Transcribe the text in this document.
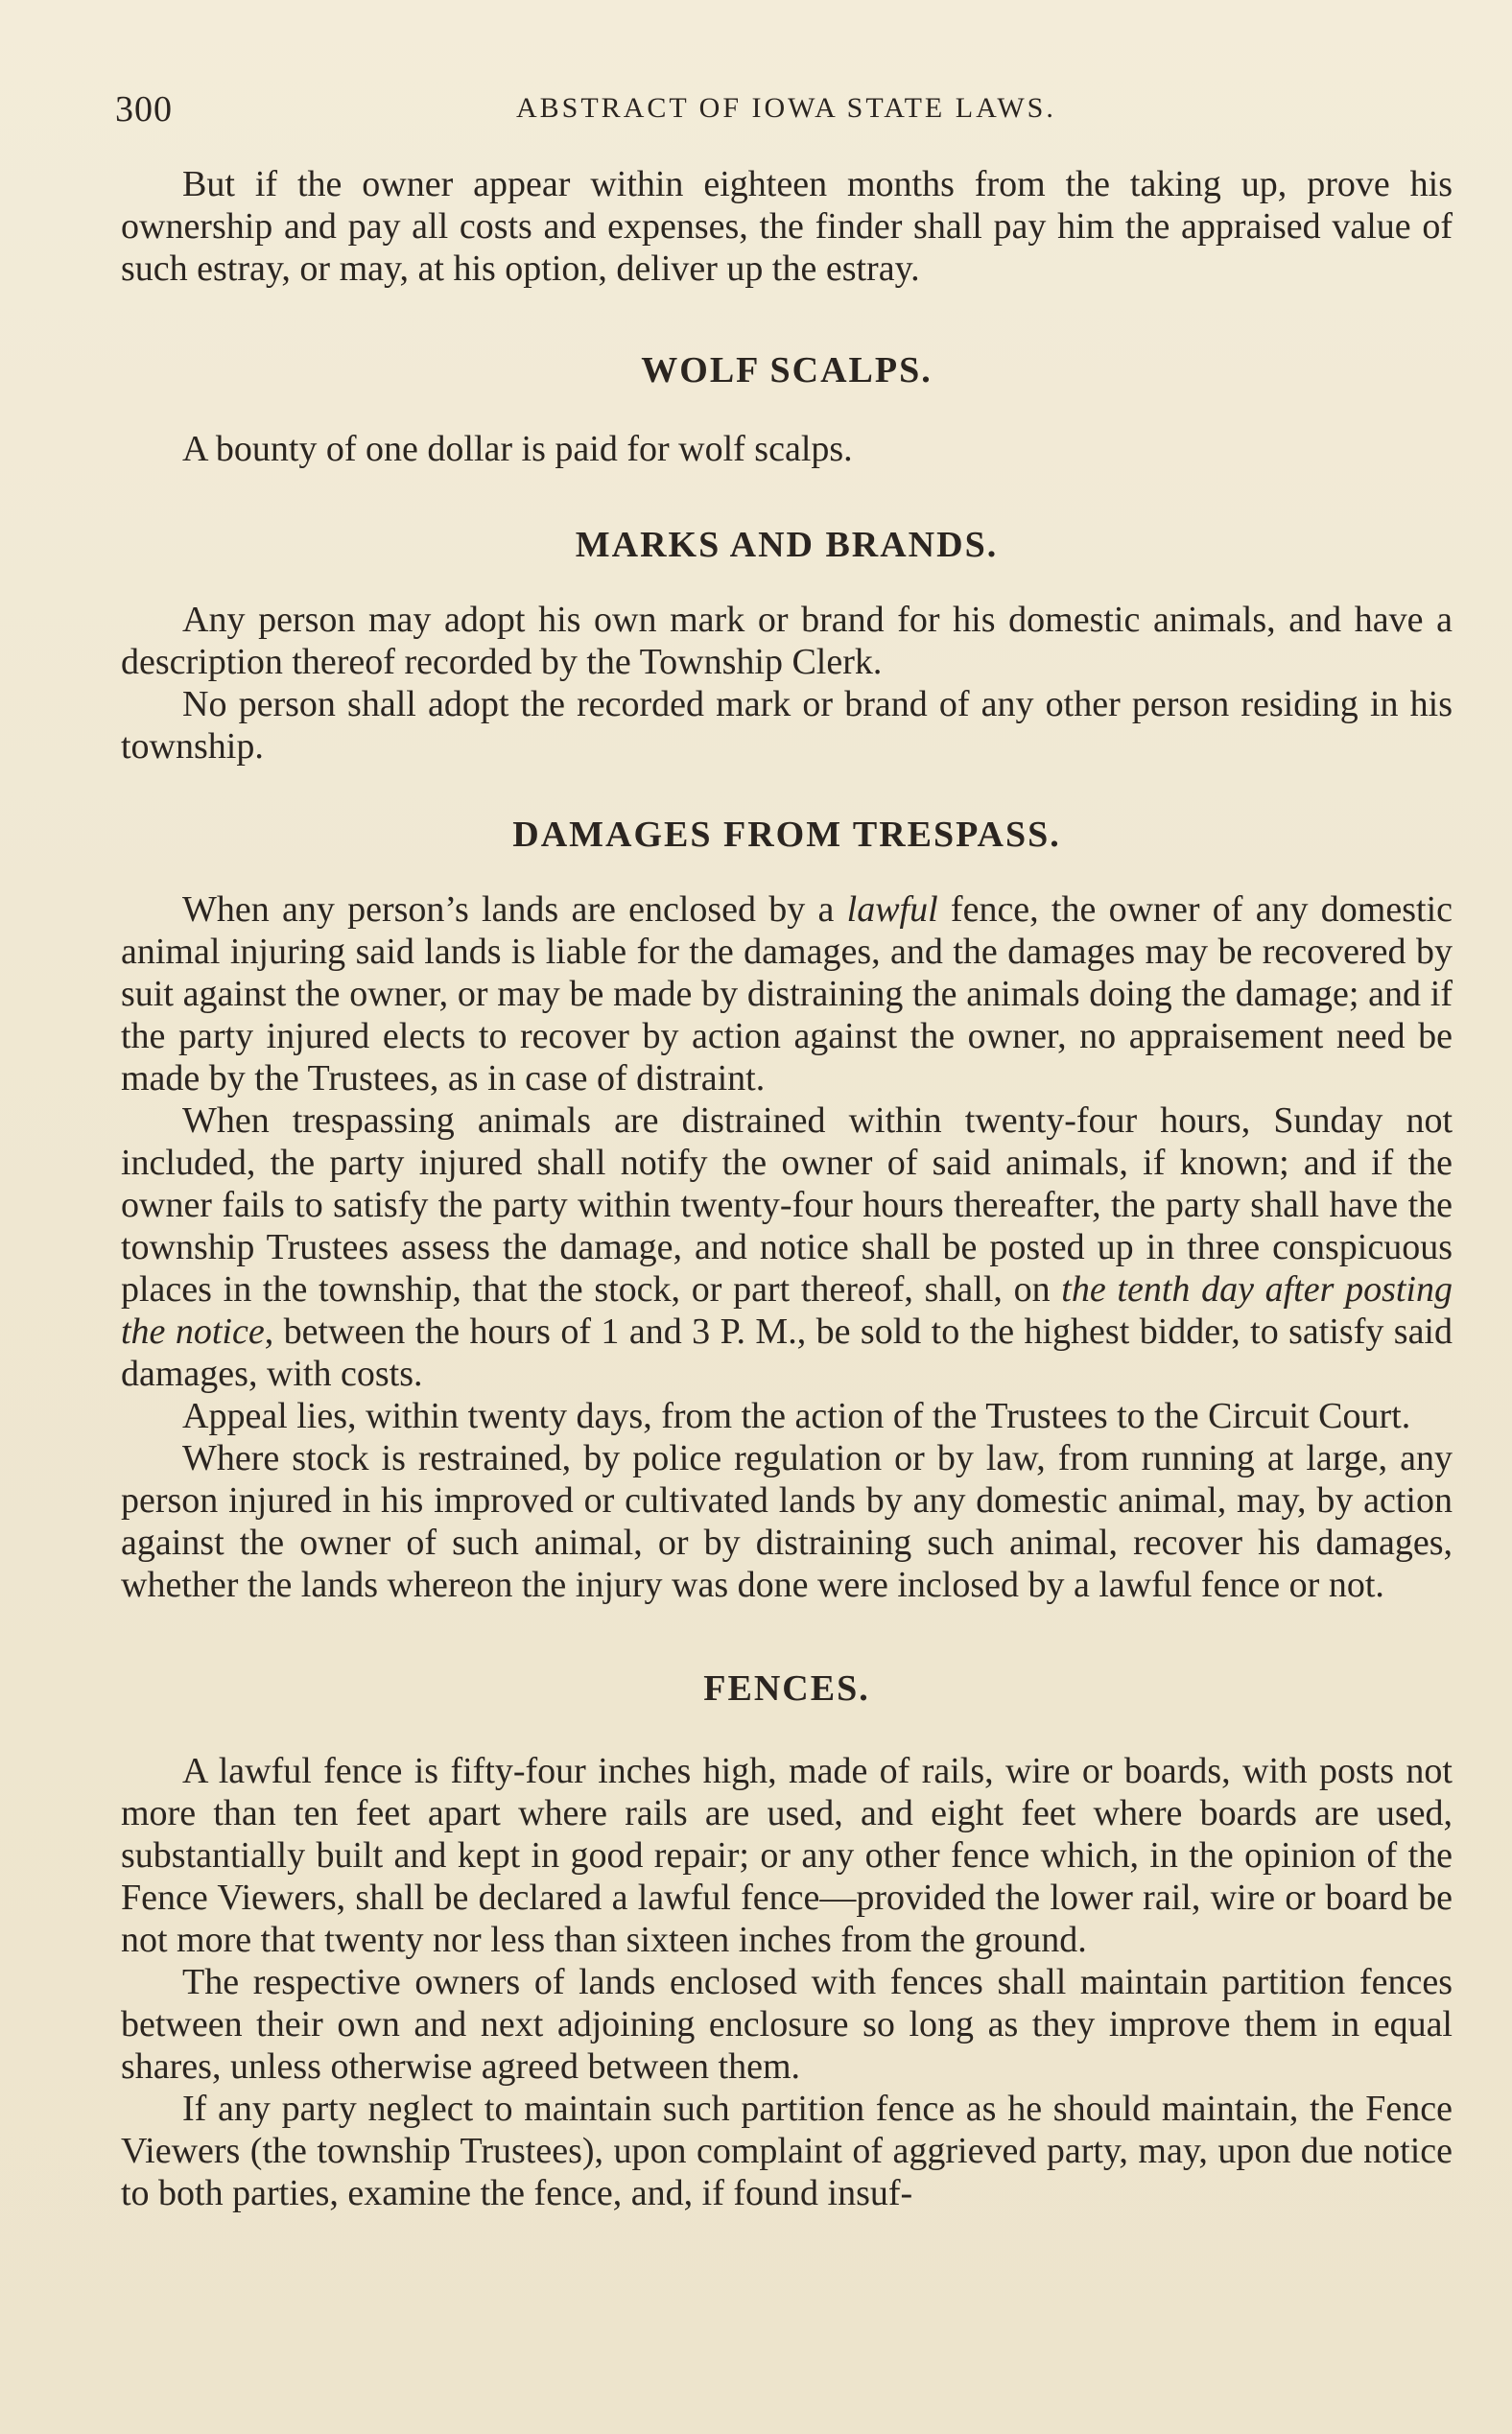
300	ABSTRACT OF IOWA STATE LAWS.

But if the owner appear within eighteen months from the taking up, prove his ownership and pay all costs and expenses, the finder shall pay him the appraised value of such estray, or may, at his option, deliver up the estray.

WOLF SCALPS.

A bounty of one dollar is paid for wolf scalps.

MARKS AND BRANDS.

Any person may adopt his own mark or brand for his domestic animals, and have a description thereof recorded by the Township Clerk.

No person shall adopt the recorded mark or brand of any other person residing in his township.

DAMAGES FROM TRESPASS.

When any person’s lands are enclosed by a lawful fence, the owner of any domestic animal injuring said lands is liable for the damages, and the damages may be recovered by suit against the owner, or may be made by distraining the animals doing the damage; and if the party injured elects to recover by action against the owner, no appraisement need be made by the Trustees, as in case of distraint.

When trespassing animals are distrained within twenty-four hours, Sunday not included, the party injured shall notify the owner of said animals, if known; and if the owner fails to satisfy the party within twenty-four hours thereafter, the party shall have the township Trustees assess the damage, and notice shall be posted up in three conspicuous places in the township, that the stock, or part thereof, shall, on the tenth day after posting the notice, between the hours of 1 and 3 P. M., be sold to the highest bidder, to satisfy said damages, with costs.

Appeal lies, within twenty days, from the action of the Trustees to the Circuit Court.

Where stock is restrained, by police regulation or by law, from running at large, any person injured in his improved or cultivated lands by any domestic animal, may, by action against the owner of such animal, or by distraining such animal, recover his damages, whether the lands whereon the injury was done were inclosed by a lawful fence or not.

FENCES.

A lawful fence is fifty-four inches high, made of rails, wire or boards, with posts not more than ten feet apart where rails are used, and eight feet where boards are used, substantially built and kept in good repair; or any other fence which, in the opinion of the Fence Viewers, shall be declared a lawful fence—provided the lower rail, wire or board be not more that twenty nor less than sixteen inches from the ground.

The respective owners of lands enclosed with fences shall maintain partition fences between their own and next adjoining enclosure so long as they improve them in equal shares, unless otherwise agreed between them.

If any party neglect to maintain such partition fence as he should maintain, the Fence Viewers (the township Trustees), upon complaint of aggrieved party, may, upon due notice to both parties, examine the fence, and, if found insuf-
